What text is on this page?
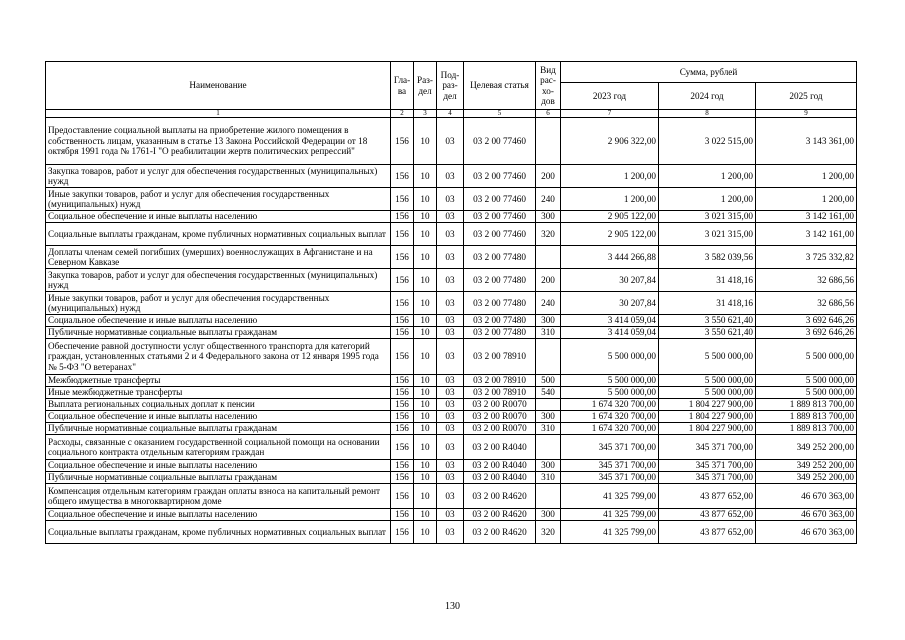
Наименование	Гла-ва	Раз-дел	Под-раз-дел	Целевая статья	Вид рас-хо-дов	Сумма, рублей		
						2023 год	2024 год	2025 год
1	2	3	4	5	6	7	8	9
Предоставление социальной выплаты на приобретение жилого помещения в собственность лицам, указанным в статье 13 Закона Российской Федерации от 18 октября 1991 года № 1761-I "О реабилитации жертв политических репрессий"	156	10	03	03 2 00 77460		2 906 322,00	3 022 515,00	3 143 361,00
Закупка товаров, работ и услуг для обеспечения государственных (муниципальных) нужд	156	10	03	03 2 00 77460	200	1 200,00	1 200,00	1 200,00
Иные закупки товаров, работ и услуг для обеспечения государственных (муниципальных) нужд	156	10	03	03 2 00 77460	240	1 200,00	1 200,00	1 200,00
Социальное обеспечение и иные выплаты населению	156	10	03	03 2 00 77460	300	2 905 122,00	3 021 315,00	3 142 161,00
Социальные выплаты гражданам, кроме публичных нормативных социальных выплат	156	10	03	03 2 00 77460	320	2 905 122,00	3 021 315,00	3 142 161,00
Доплаты членам семей погибших (умерших) военнослужащих в Афганистане и на Северном Кавказе	156	10	03	03 2 00 77480		3 444 266,88	3 582 039,56	3 725 332,82
Закупка товаров, работ и услуг для обеспечения государственных (муниципальных) нужд	156	10	03	03 2 00 77480	200	30 207,84	31 418,16	32 686,56
Иные закупки товаров, работ и услуг для обеспечения государственных (муниципальных) нужд	156	10	03	03 2 00 77480	240	30 207,84	31 418,16	32 686,56
Социальное обеспечение и иные выплаты населению	156	10	03	03 2 00 77480	300	3 414 059,04	3 550 621,40	3 692 646,26
Публичные нормативные социальные выплаты гражданам	156	10	03	03 2 00 77480	310	3 414 059,04	3 550 621,40	3 692 646,26
Обеспечение равной доступности услуг общественного транспорта для категорий граждан, установленных статьями 2 и 4 Федерального закона от 12 января 1995 года № 5-ФЗ "О ветеранах"	156	10	03	03 2 00 78910		5 500 000,00	5 500 000,00	5 500 000,00
Межбюджетные трансферты	156	10	03	03 2 00 78910	500	5 500 000,00	5 500 000,00	5 500 000,00
Иные межбюджетные трансферты	156	10	03	03 2 00 78910	540	5 500 000,00	5 500 000,00	5 500 000,00
Выплата региональных социальных доплат к пенсии	156	10	03	03 2 00 R0070		1 674 320 700,00	1 804 227 900,00	1 889 813 700,00
Социальное обеспечение и иные выплаты населению	156	10	03	03 2 00 R0070	300	1 674 320 700,00	1 804 227 900,00	1 889 813 700,00
Публичные нормативные социальные выплаты гражданам	156	10	03	03 2 00 R0070	310	1 674 320 700,00	1 804 227 900,00	1 889 813 700,00
Расходы, связанные с оказанием государственной социальной помощи на основании социального контракта отдельным категориям граждан	156	10	03	03 2 00 R4040		345 371 700,00	345 371 700,00	349 252 200,00
Социальное обеспечение и иные выплаты населению	156	10	03	03 2 00 R4040	300	345 371 700,00	345 371 700,00	349 252 200,00
Публичные нормативные социальные выплаты гражданам	156	10	03	03 2 00 R4040	310	345 371 700,00	345 371 700,00	349 252 200,00
Компенсация отдельным категориям граждан оплаты взноса на капитальный ремонт общего имущества в многоквартирном доме	156	10	03	03 2 00 R4620		41 325 799,00	43 877 652,00	46 670 363,00
Социальное обеспечение и иные выплаты населению	156	10	03	03 2 00 R4620	300	41 325 799,00	43 877 652,00	46 670 363,00
Социальные выплаты гражданам, кроме публичных нормативных социальных выплат	156	10	03	03 2 00 R4620	320	41 325 799,00	43 877 652,00	46 670 363,00
130
